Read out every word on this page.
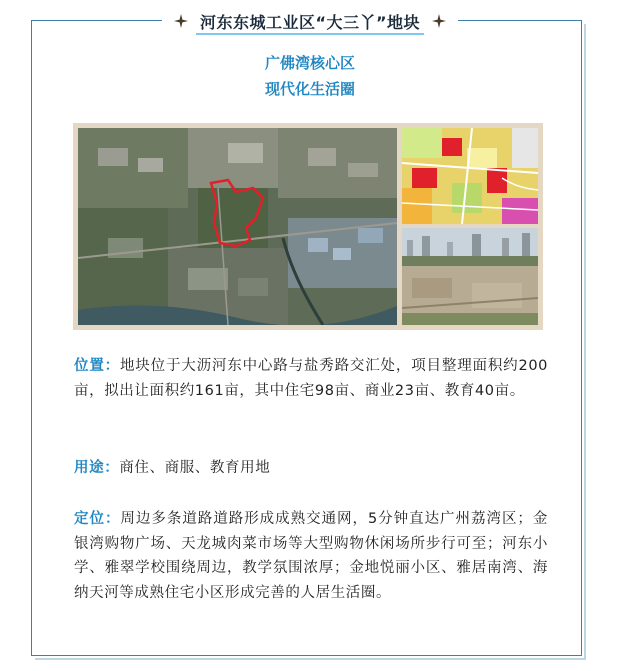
河东东城工业区“大三丫”地块
广佛湾核心区
现代化生活圈
位置：地块位于大沥河东中心路与盐秀路交汇处，项目整理面积约200亩，拟出让面积约161亩，其中住宅98亩、商业23亩、教育40亩。
用途：商住、商服、教育用地
定位：周边多条道路道路形成成熟交通网，5分钟直达广州荔湾区；金银湾购物广场、天龙城肉菜市场等大型购物休闲场所步行可至；河东小学、雅翠学校围绕周边，教学氛围浓厚；金地悦丽小区、雅居南湾、海纳天河等成熟住宅小区形成完善的人居生活圈。
